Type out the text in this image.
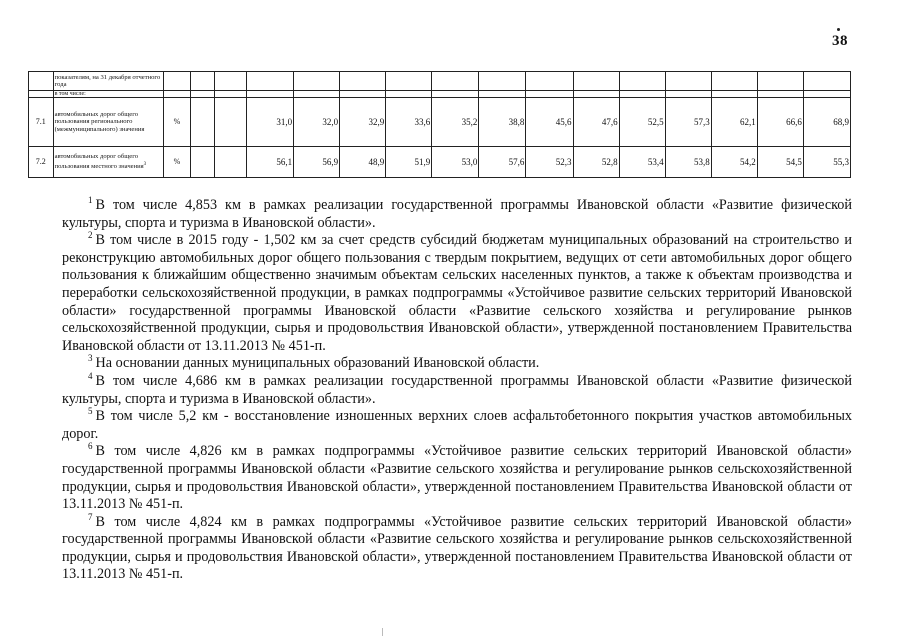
38
	показателям, на 31 декабря отчетного года																
	в том числе:																
7.1	автомобильных дорог общего пользования регионального (межмуниципального) значения	%			31,0	32,0	32,9	33,6	35,2	38,8	45,6	47,6	52,5	57,3	62,1	66,6	68,9
7.2	автомобильных дорог общего пользования местного значения$^3$	%			56,1	56,9	48,9	51,9	53,0	57,6	52,3	52,8	53,4	53,8	54,2	54,5	55,3

$^1$ В том числе 4,853 км в рамках реализации государственной программы Ивановской области «Развитие физической культуры, спорта и туризма в Ивановской области».

$^2$ В том числе в 2015 году - 1,502 км за счет средств субсидий бюджетам муниципальных образований на строительство и реконструкцию автомобильных дорог общего пользования с твердым покрытием, ведущих от сети автомобильных дорог общего пользования к ближайшим общественно значимым объектам сельских населенных пунктов, а также к объектам производства и переработки сельскохозяйственной продукции, в рамках подпрограммы «Устойчивое развитие сельских территорий Ивановской области» государственной программы Ивановской области «Развитие сельского хозяйства и регулирование рынков сельскохозяйственной продукции, сырья и продовольствия Ивановской области», утвержденной постановлением Правительства Ивановской области от 13.11.2013 № 451-п.

$^3$ На основании данных муниципальных образований Ивановской области.

$^4$ В том числе 4,686 км в рамках реализации государственной программы Ивановской области «Развитие физической культуры, спорта и туризма в Ивановской области».

$^5$ В том числе 5,2 км - восстановление изношенных верхних слоев асфальтобетонного покрытия участков автомобильных дорог.

$^6$ В том числе 4,826 км в рамках подпрограммы «Устойчивое развитие сельских территорий Ивановской области» государственной программы Ивановской области «Развитие сельского хозяйства и регулирование рынков сельскохозяйственной продукции, сырья и продовольствия Ивановской области», утвержденной постановлением Правительства Ивановской области от 13.11.2013 № 451-п.

$^7$ В том числе 4,824 км в рамках подпрограммы «Устойчивое развитие сельских территорий Ивановской области» государственной программы Ивановской области «Развитие сельского хозяйства и регулирование рынков сельскохозяйственной продукции, сырья и продовольствия Ивановской области», утвержденной постановлением Правительства Ивановской области от 13.11.2013 № 451-п.
